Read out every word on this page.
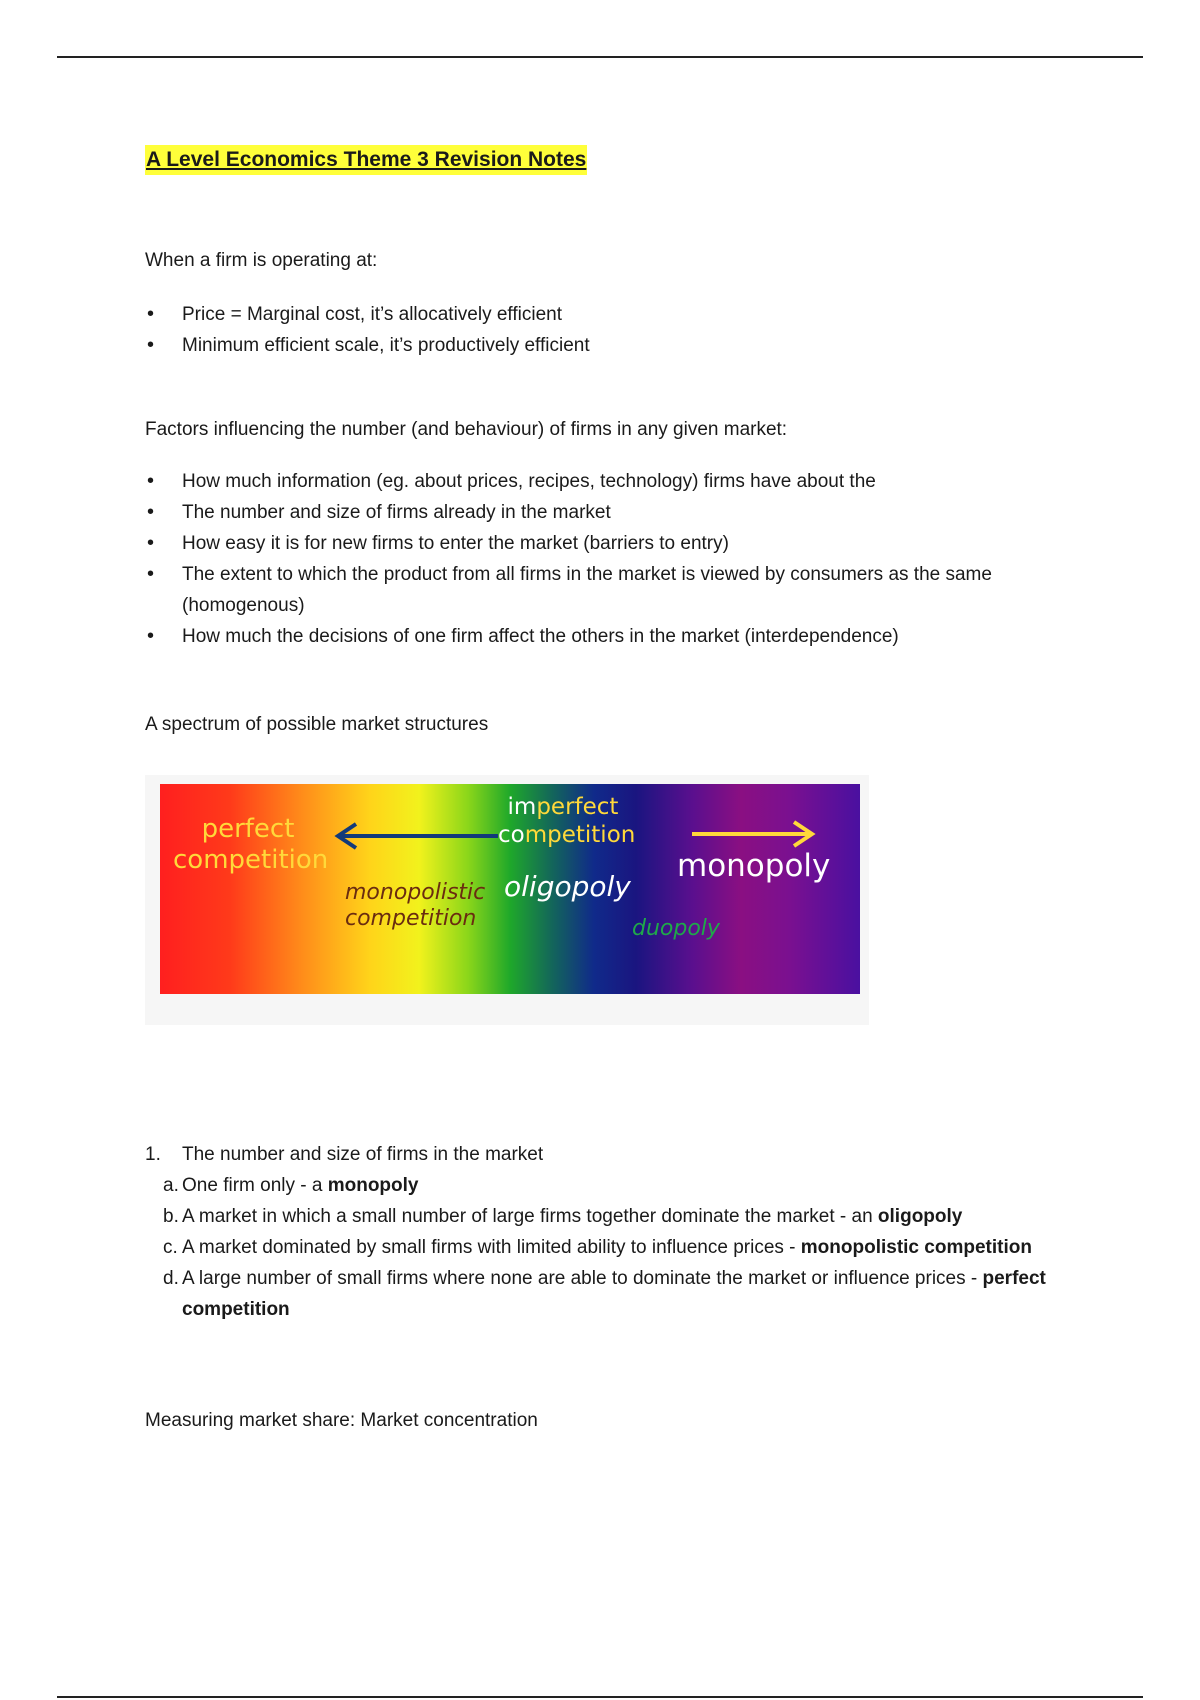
A Level Economics Theme 3 Revision Notes
When a firm is operating at:
• Price = Marginal cost, it’s allocatively efficient
• Minimum efficient scale, it’s productively efficient
Factors influencing the number (and behaviour) of firms in any given market:
• How much information (eg. about prices, recipes, technology) firms have about the
• The number and size of firms already in the market
• How easy it is for new firms to enter the market (barriers to entry)
• The extent to which the product from all firms in the market is viewed by consumers as the same (homogenous)
• How much the decisions of one firm affect the others in the market (interdependence)
A spectrum of possible market structures
perfect
competition
imperfect
competition
monopoly
oligopoly
monopolistic
competition	duopoly
1. The number and size of firms in the market
a. One firm only - a monopoly
b. A market in which a small number of large firms together dominate the market - an oligopoly
c. A market dominated by small firms with limited ability to influence prices - monopolistic competition
d. A large number of small firms where none are able to dominate the market or influence prices - perfect competition
Measuring market share: Market concentration
